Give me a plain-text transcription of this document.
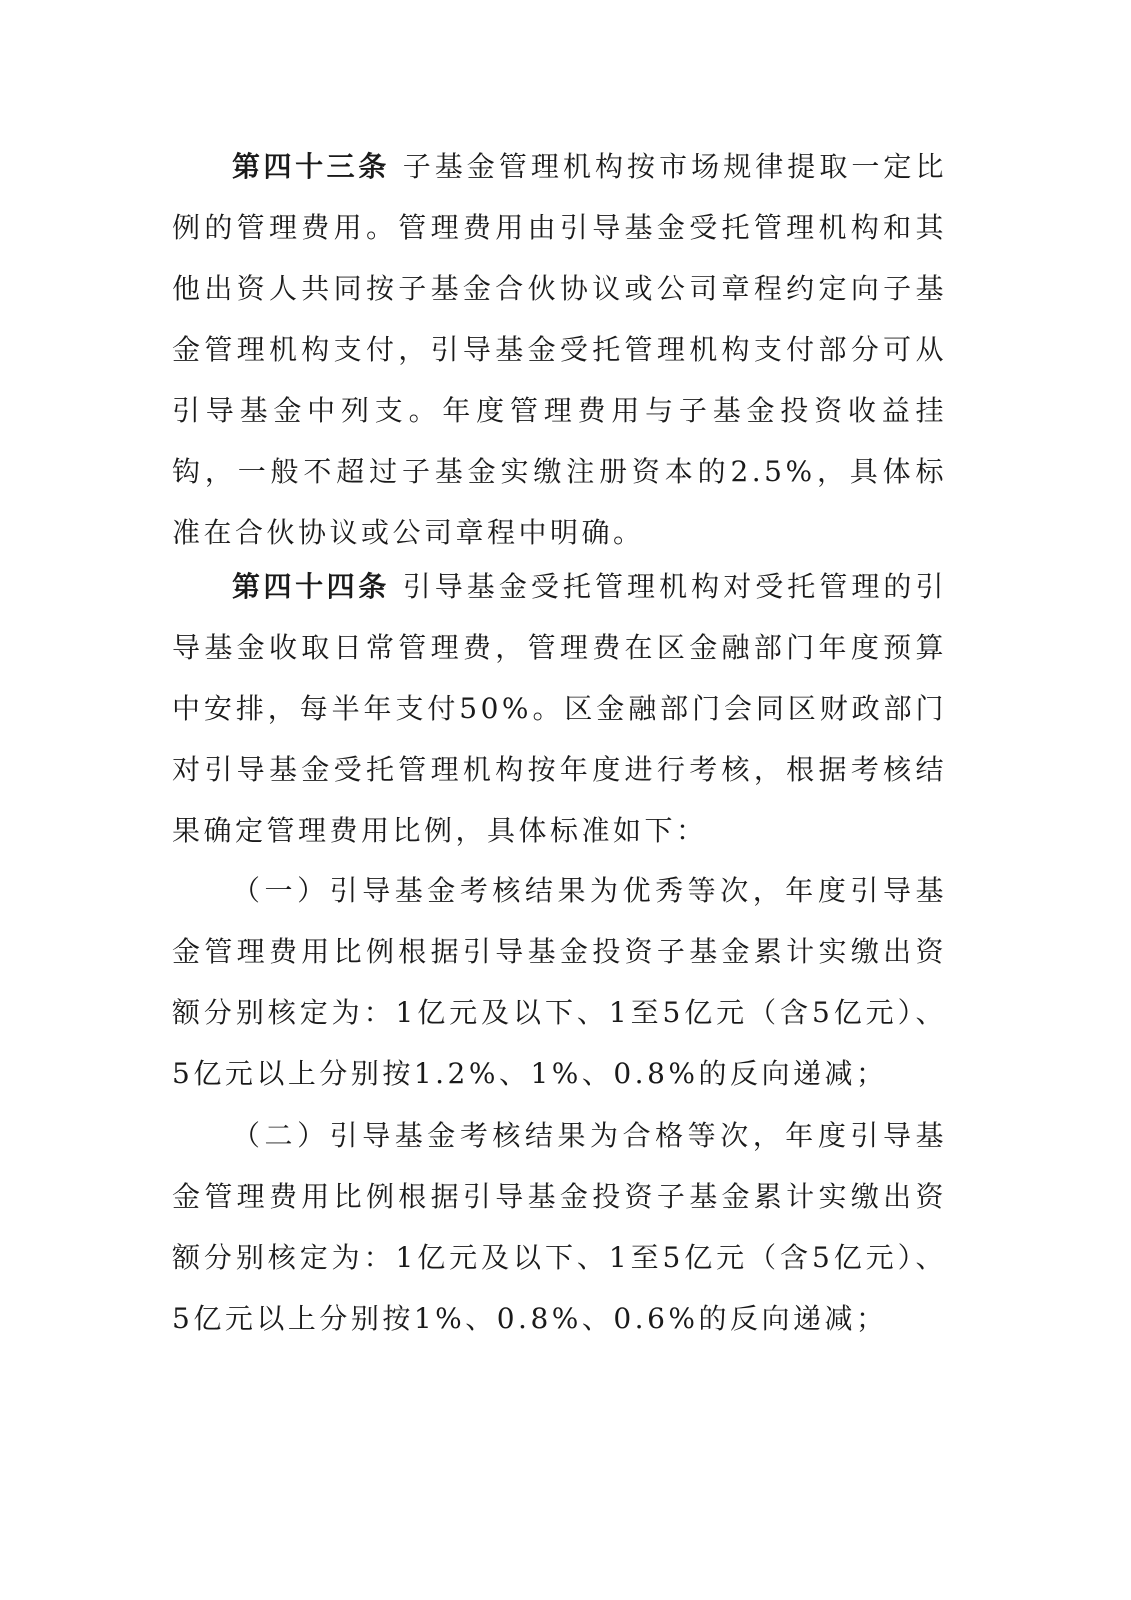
第四十三条 子基金管理机构按市场规律提取一定比例的管理费用。管理费用由引导基金受托管理机构和其他出资人共同按子基金合伙协议或公司章程约定向子基金管理机构支付，引导基金受托管理机构支付部分可从引导基金中列支。年度管理费用与子基金投资收益挂钩，一般不超过子基金实缴注册资本的2.5%，具体标准在合伙协议或公司章程中明确。

第四十四条 引导基金受托管理机构对受托管理的引导基金收取日常管理费，管理费在区金融部门年度预算中安排，每半年支付50%。区金融部门会同区财政部门对引导基金受托管理机构按年度进行考核，根据考核结果确定管理费用比例，具体标准如下：

（一）引导基金考核结果为优秀等次，年度引导基金管理费用比例根据引导基金投资子基金累计实缴出资额分别核定为：1亿元及以下、1至5亿元（含5亿元）、5亿元以上分别按1.2%、1%、0.8%的反向递减；

（二）引导基金考核结果为合格等次，年度引导基金管理费用比例根据引导基金投资子基金累计实缴出资额分别核定为：1亿元及以下、1至5亿元（含5亿元）、5亿元以上分别按1%、0.8%、0.6%的反向递减；
